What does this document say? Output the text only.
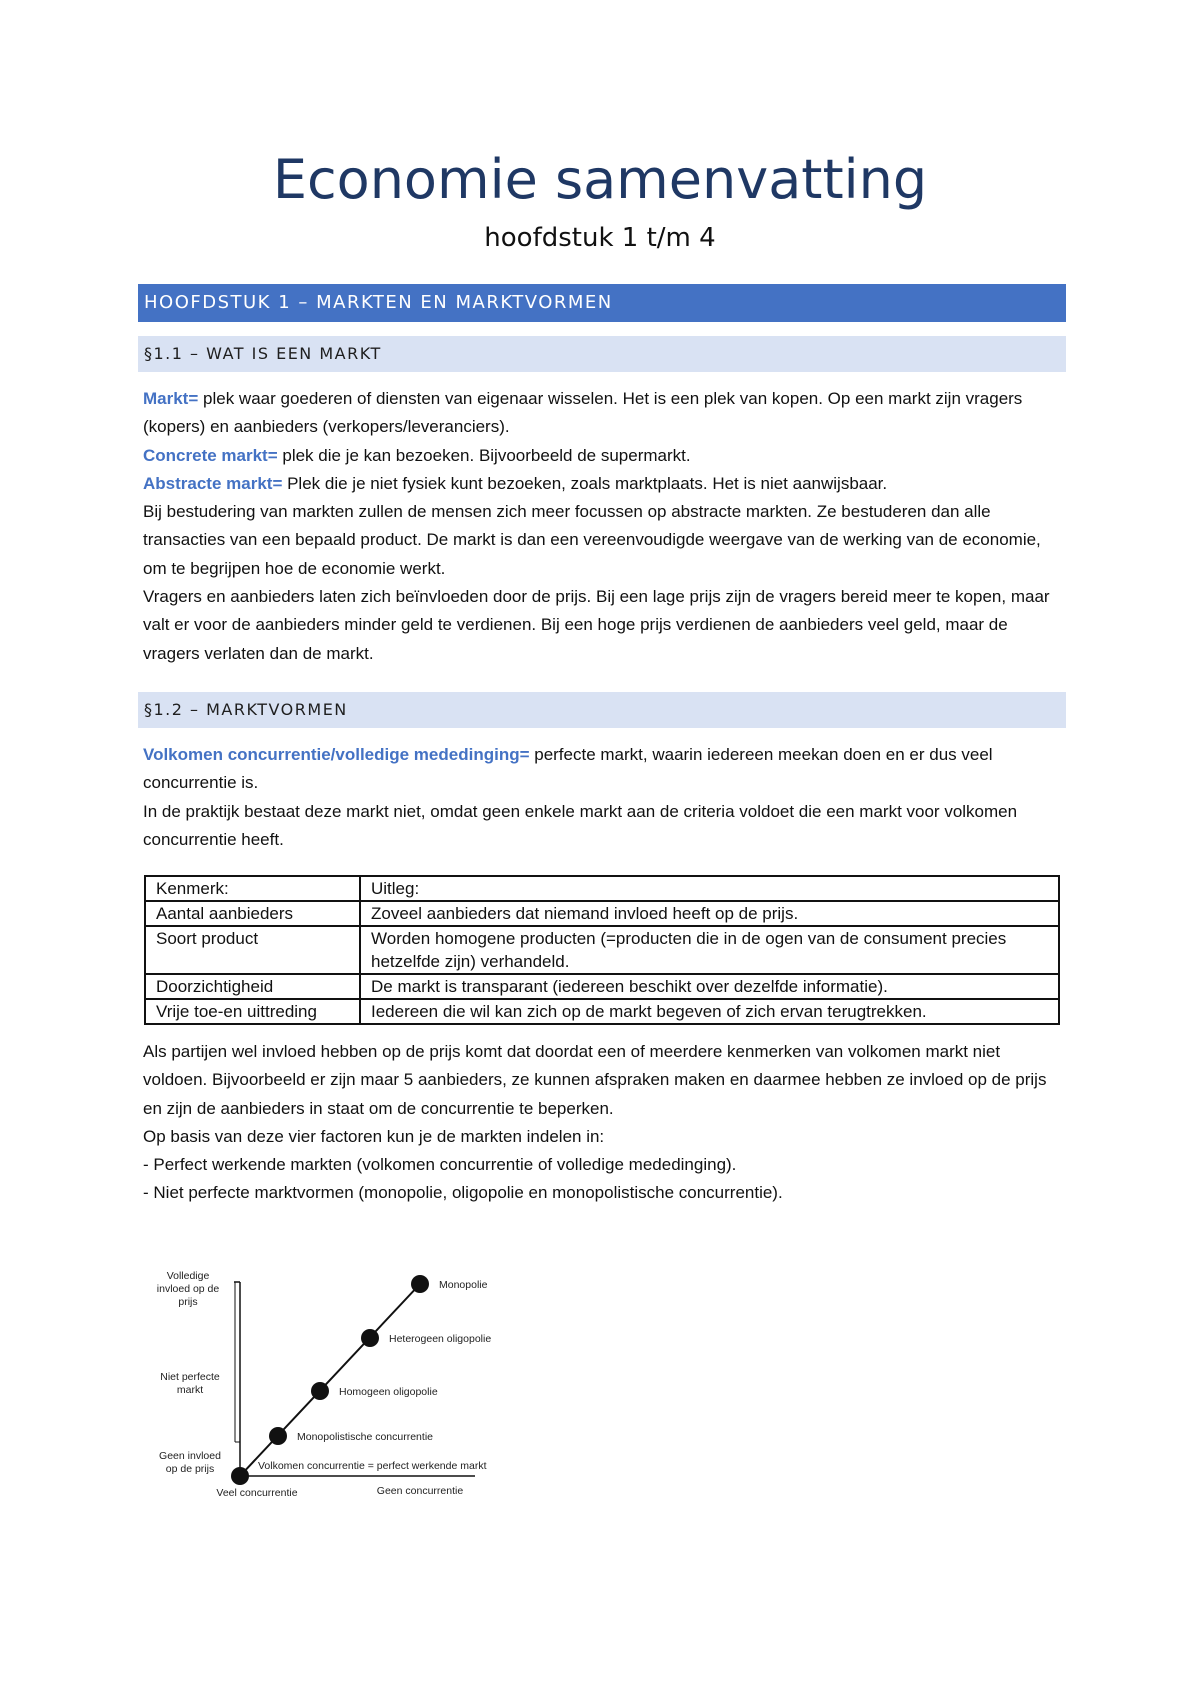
Economie samenvatting
hoofdstuk 1 t/m 4
HOOFDSTUK 1 – MARKTEN EN MARKTVORMEN
§1.1 – WAT IS EEN MARKT

Markt= plek waar goederen of diensten van eigenaar wisselen. Het is een plek van kopen. Op een markt zijn vragers (kopers) en aanbieders (verkopers/leveranciers).

Concrete markt= plek die je kan bezoeken. Bijvoorbeeld de supermarkt.

Abstracte markt= Plek die je niet fysiek kunt bezoeken, zoals marktplaats. Het is niet aanwijsbaar.

Bij bestudering van markten zullen de mensen zich meer focussen op abstracte markten. Ze bestuderen dan alle transacties van een bepaald product. De markt is dan een vereenvoudigde weergave van de werking van de economie, om te begrijpen hoe de economie werkt.

Vragers en aanbieders laten zich beïnvloeden door de prijs. Bij een lage prijs zijn de vragers bereid meer te kopen, maar valt er voor de aanbieders minder geld te verdienen. Bij een hoge prijs verdienen de aanbieders veel geld, maar de vragers verlaten dan de markt.

§1.2 – MARKTVORMEN

Volkomen concurrentie/volledige mededinging= perfecte markt, waarin iedereen meekan doen en er dus veel concurrentie is.

In de praktijk bestaat deze markt niet, omdat geen enkele markt aan de criteria voldoet die een markt voor volkomen concurrentie heeft.

Kenmerk:	Uitleg:
Aantal aanbieders	Zoveel aanbieders dat niemand invloed heeft op de prijs.
Soort product	Worden homogene producten (=producten die in de ogen van de consument precies hetzelfde zijn) verhandeld.
Doorzichtigheid	De markt is transparant (iedereen beschikt over dezelfde informatie).
Vrije toe-en uittreding	Iedereen die wil kan zich op de markt begeven of zich ervan terugtrekken.

Als partijen wel invloed hebben op de prijs komt dat doordat een of meerdere kenmerken van volkomen markt niet voldoen. Bijvoorbeeld er zijn maar 5 aanbieders, ze kunnen afspraken maken en daarmee hebben ze invloed op de prijs en zijn de aanbieders in staat om de concurrentie te beperken.

Op basis van deze vier factoren kun je de markten indelen in:

- Perfect werkende markten (volkomen concurrentie of volledige mededinging).

- Niet perfecte marktvormen (monopolie, oligopolie en monopolistische concurrentie).

Volkomen concurrentie = perfect werkende markt
Monopolistische concurrentie
Homogeen oligopolie
Heterogeen oligopolie
Monopolie
Volledige
invloed op de
prijs
Niet perfecte
markt
Geen invloed
op de prijs
Veel concurrentie	Geen concurrentie
